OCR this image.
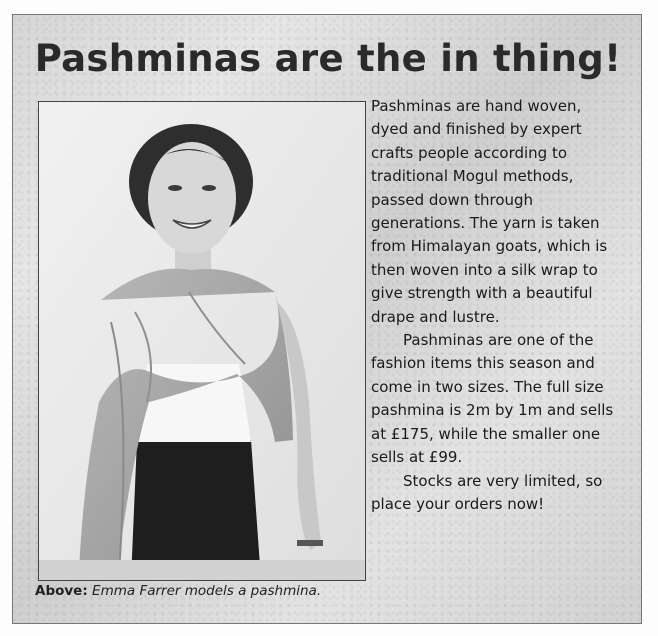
Pashminas are the in thing!
Above: Emma Farrer models a pashmina.

Pashminas are hand woven,
dyed and finished by expert
crafts people according to
traditional Mogul methods,
passed down through
generations. The yarn is taken
from Himalayan goats, which is
then woven into a silk wrap to
give strength with a beautiful
drape and lustre.

Pashminas are one of the
fashion items this season and
come in two sizes. The full size
pashmina is 2m by 1m and sells
at £175, while the smaller one
sells at £99.

Stocks are very limited, so
place your orders now!
